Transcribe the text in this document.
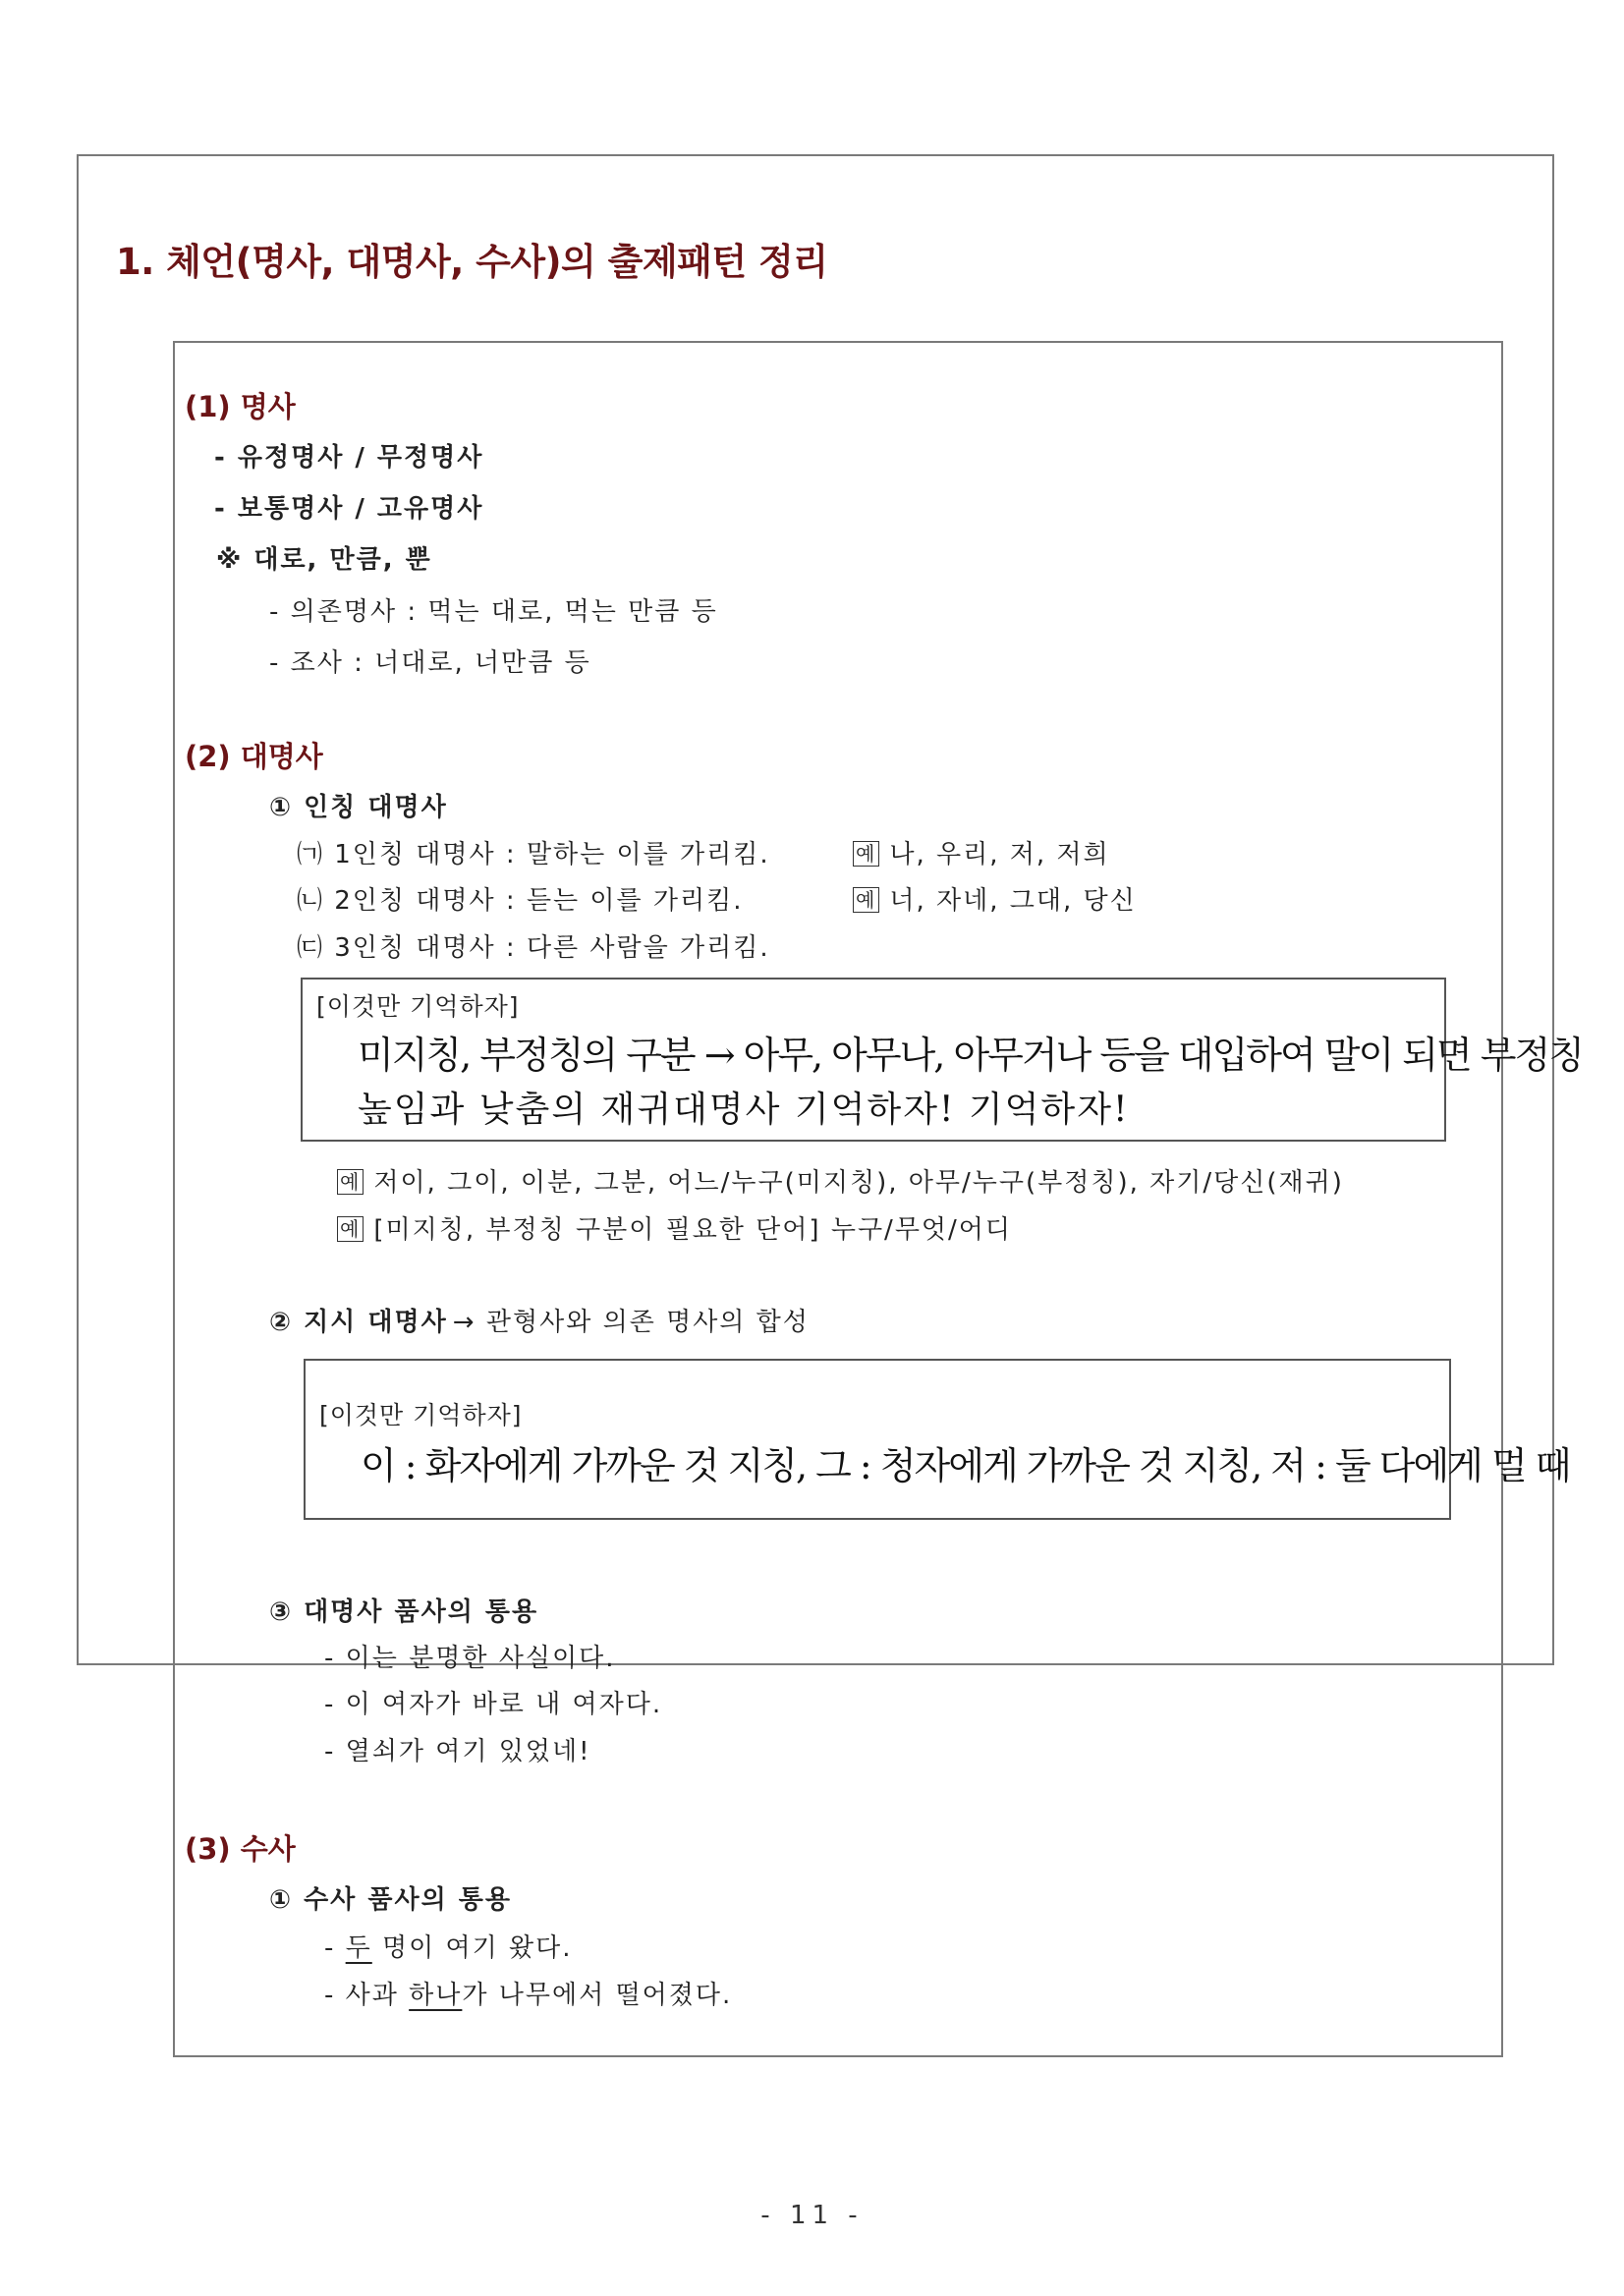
1. 체언(명사, 대명사, 수사)의 출제패턴 정리
(1) 명사
- 유정명사 / 무정명사
- 보통명사 / 고유명사
※ 대로, 만큼, 뿐
- 의존명사 : 먹는 대로, 먹는 만큼 등
- 조사 : 너대로, 너만큼 등
(2) 대명사
① 인칭 대명사
㈀ 1인칭 대명사 : 말하는 이를 가리킴.	예 나, 우리, 저, 저희
㈁ 2인칭 대명사 : 듣는 이를 가리킴.	예 너, 자네, 그대, 당신
㈂ 3인칭 대명사 : 다른 사람을 가리킴.
[이것만 기억하자]
미지칭, 부정칭의 구분 → 아무, 아무나, 아무거나 등을 대입하여 말이 되면 부정칭
높임과 낮춤의 재귀대명사 기억하자! 기억하자!
예 저이, 그이, 이분, 그분, 어느/누구(미지칭), 아무/누구(부정칭), 자기/당신(재귀)
예 [미지칭, 부정칭 구분이 필요한 단어] 누구/무엇/어디
② 지시 대명사 → 관형사와 의존 명사의 합성
[이것만 기억하자]
이 : 화자에게 가까운 것 지칭, 그 : 청자에게 가까운 것 지칭, 저 : 둘 다에게 멀 때
③ 대명사 품사의 통용
- 이는 분명한 사실이다.
- 이 여자가 바로 내 여자다.
- 열쇠가 여기 있었네!
(3) 수사
① 수사 품사의 통용
- 두 명이 여기 왔다.
- 사과 하나가 나무에서 떨어졌다.
- 11 -
